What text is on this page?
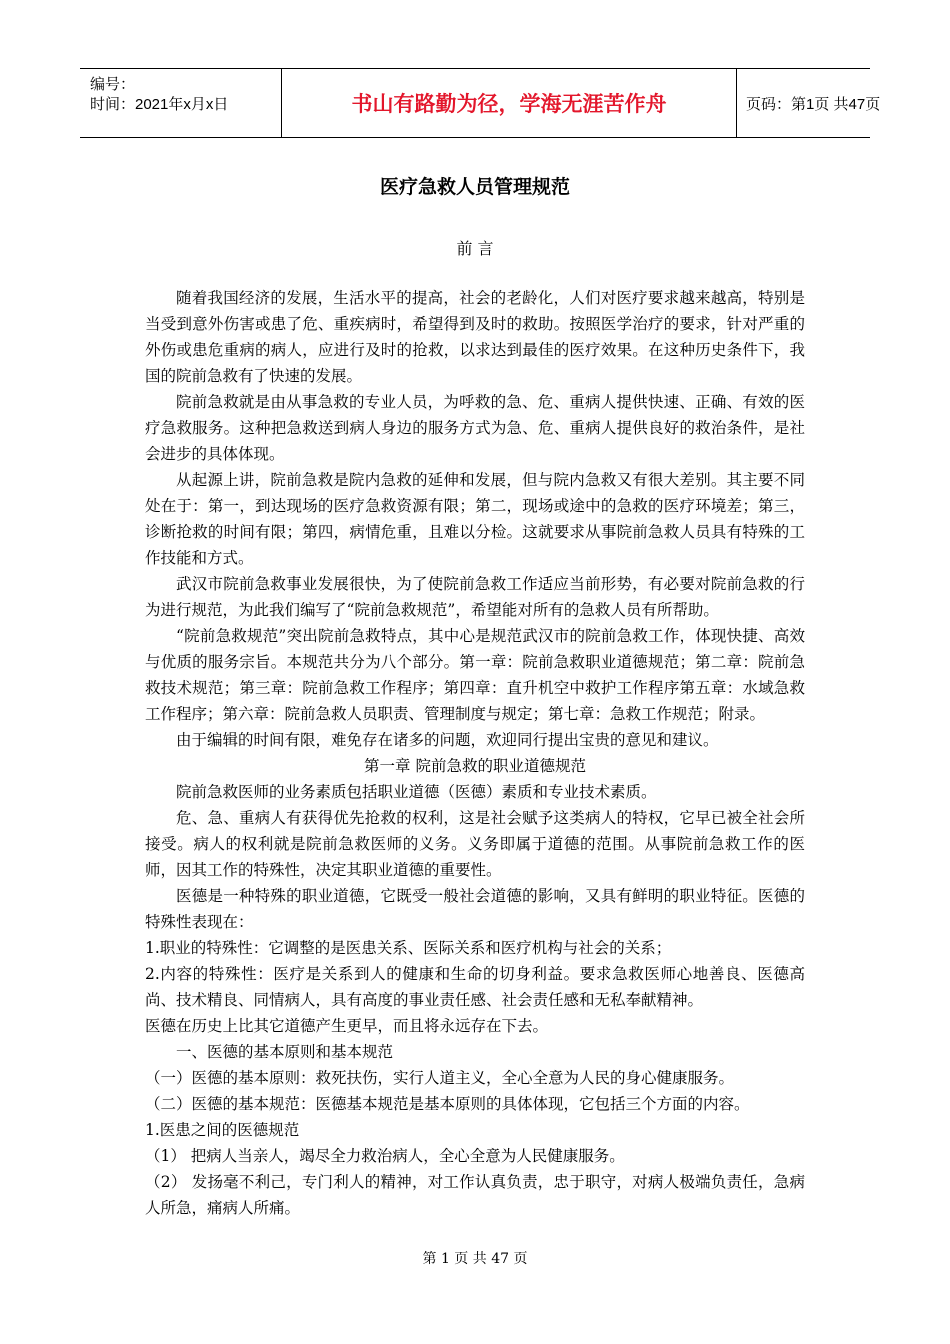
编号：
时间：2021年x月x日	书山有路勤为径，学海无涯苦作舟	页码：第1页 共47页
医疗急救人员管理规范
前 言

随着我国经济的发展，生活水平的提高，社会的老龄化，人们对医疗要求越来越高，特别是当受到意外伤害或患了危、重疾病时，希望得到及时的救助。按照医学治疗的要求，针对严重的外伤或患危重病的病人，应进行及时的抢救，以求达到最佳的医疗效果。在这种历史条件下，我国的院前急救有了快速的发展。

院前急救就是由从事急救的专业人员，为呼救的急、危、重病人提供快速、正确、有效的医疗急救服务。这种把急救送到病人身边的服务方式为急、危、重病人提供良好的救治条件，是社会进步的具体体现。

从起源上讲，院前急救是院内急救的延伸和发展，但与院内急救又有很大差别。其主要不同处在于：第一，到达现场的医疗急救资源有限；第二，现场或途中的急救的医疗环境差；第三，诊断抢救的时间有限；第四，病情危重，且难以分检。这就要求从事院前急救人员具有特殊的工作技能和方式。

武汉市院前急救事业发展很快，为了使院前急救工作适应当前形势，有必要对院前急救的行为进行规范，为此我们编写了“院前急救规范”，希望能对所有的急救人员有所帮助。

“院前急救规范”突出院前急救特点，其中心是规范武汉市的院前急救工作，体现快捷、高效与优质的服务宗旨。本规范共分为八个部分。第一章：院前急救职业道德规范；第二章：院前急救技术规范；第三章：院前急救工作程序；第四章：直升机空中救护工作程序第五章：水域急救工作程序；第六章：院前急救人员职责、管理制度与规定；第七章：急救工作规范；附录。

由于编辑的时间有限，难免存在诸多的问题，欢迎同行提出宝贵的意见和建议。

第一章 院前急救的职业道德规范

院前急救医师的业务素质包括职业道德（医德）素质和专业技术素质。

危、急、重病人有获得优先抢救的权利，这是社会赋予这类病人的特权，它早已被全社会所接受。病人的权利就是院前急救医师的义务。义务即属于道德的范围。从事院前急救工作的医师，因其工作的特殊性，决定其职业道德的重要性。

医德是一种特殊的职业道德，它既受一般社会道德的影响，又具有鲜明的职业特征。医德的特殊性表现在：

1.职业的特殊性：它调整的是医患关系、医际关系和医疗机构与社会的关系；

2.内容的特殊性：医疗是关系到人的健康和生命的切身利益。要求急救医师心地善良、医德高尚、技术精良、同情病人，具有高度的事业责任感、社会责任感和无私奉献精神。

医德在历史上比其它道德产生更早，而且将永远存在下去。

一、医德的基本原则和基本规范

（一）医德的基本原则：救死扶伤，实行人道主义，全心全意为人民的身心健康服务。

（二）医德的基本规范：医德基本规范是基本原则的具体体现，它包括三个方面的内容。

1.医患之间的医德规范

（1） 把病人当亲人，竭尽全力救治病人，全心全意为人民健康服务。

（2） 发扬毫不利己，专门利人的精神，对工作认真负责，忠于职守，对病人极端负责任，急病人所急，痛病人所痛。

第 1 页 共 47 页
